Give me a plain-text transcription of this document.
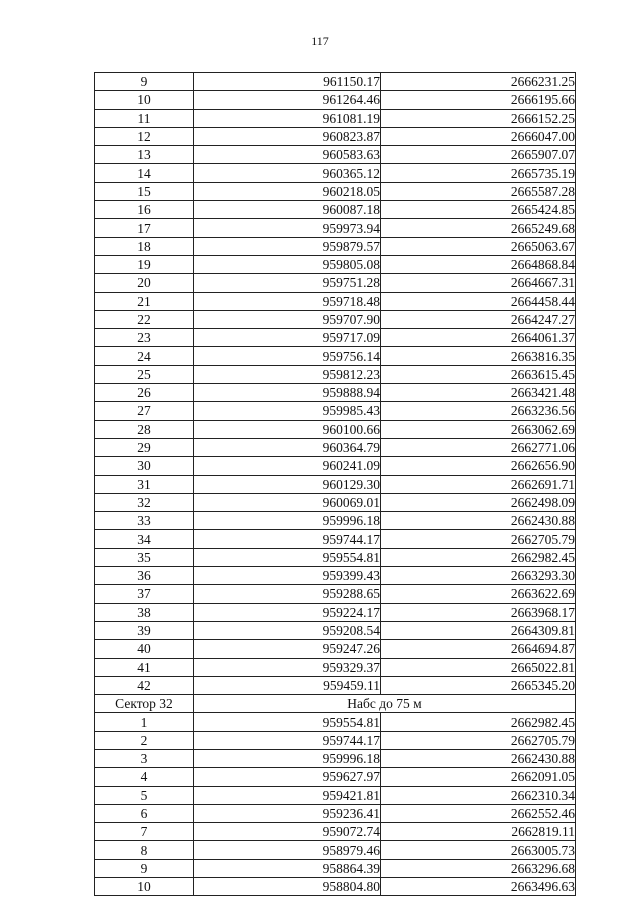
117
9	961150.17	2666231.25
10	961264.46	2666195.66
11	961081.19	2666152.25
12	960823.87	2666047.00
13	960583.63	2665907.07
14	960365.12	2665735.19
15	960218.05	2665587.28
16	960087.18	2665424.85
17	959973.94	2665249.68
18	959879.57	2665063.67
19	959805.08	2664868.84
20	959751.28	2664667.31
21	959718.48	2664458.44
22	959707.90	2664247.27
23	959717.09	2664061.37
24	959756.14	2663816.35
25	959812.23	2663615.45
26	959888.94	2663421.48
27	959985.43	2663236.56
28	960100.66	2663062.69
29	960364.79	2662771.06
30	960241.09	2662656.90
31	960129.30	2662691.71
32	960069.01	2662498.09
33	959996.18	2662430.88
34	959744.17	2662705.79
35	959554.81	2662982.45
36	959399.43	2663293.30
37	959288.65	2663622.69
38	959224.17	2663968.17
39	959208.54	2664309.81
40	959247.26	2664694.87
41	959329.37	2665022.81
42	959459.11	2665345.20
Сектор 32	Набс до 75 м	
1	959554.81	2662982.45
2	959744.17	2662705.79
3	959996.18	2662430.88
4	959627.97	2662091.05
5	959421.81	2662310.34
6	959236.41	2662552.46
7	959072.74	2662819.11
8	958979.46	2663005.73
9	958864.39	2663296.68
10	958804.80	2663496.63
